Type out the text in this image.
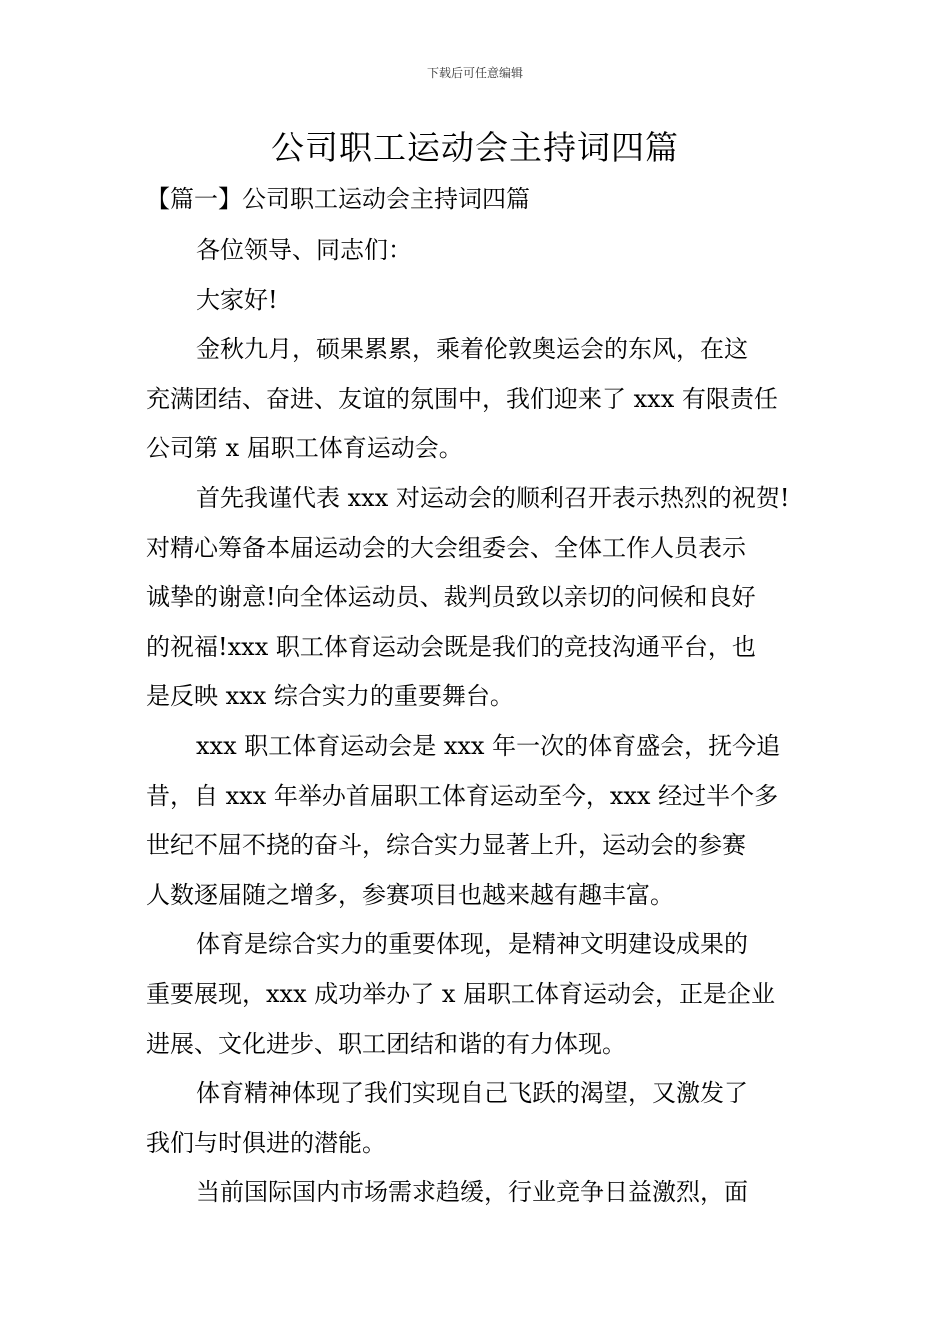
下载后可任意编辑
公司职工运动会主持词四篇
【篇一】公司职工运动会主持词四篇
各位领导、同志们：
大家好!
金秋九月，硕果累累，乘着伦敦奥运会的东风，在这
充满团结、奋进、友谊的氛围中，我们迎来了 xxx 有限责任
公司第 x 届职工体育运动会。
首先我谨代表 xxx 对运动会的顺利召开表示热烈的祝贺!
对精心筹备本届运动会的大会组委会、全体工作人员表示
诚挚的谢意!向全体运动员、裁判员致以亲切的问候和良好
的祝福!xxx 职工体育运动会既是我们的竞技沟通平台，也
是反映 xxx 综合实力的重要舞台。
xxx 职工体育运动会是 xxx 年一次的体育盛会，抚今追
昔，自 xxx 年举办首届职工体育运动至今，xxx 经过半个多
世纪不屈不挠的奋斗，综合实力显著上升，运动会的参赛
人数逐届随之增多，参赛项目也越来越有趣丰富。
体育是综合实力的重要体现，是精神文明建设成果的
重要展现，xxx 成功举办了 x 届职工体育运动会，正是企业
进展、文化进步、职工团结和谐的有力体现。
体育精神体现了我们实现自己飞跃的渴望，又激发了
我们与时俱进的潜能。
当前国际国内市场需求趋缓，行业竞争日益激烈，面
